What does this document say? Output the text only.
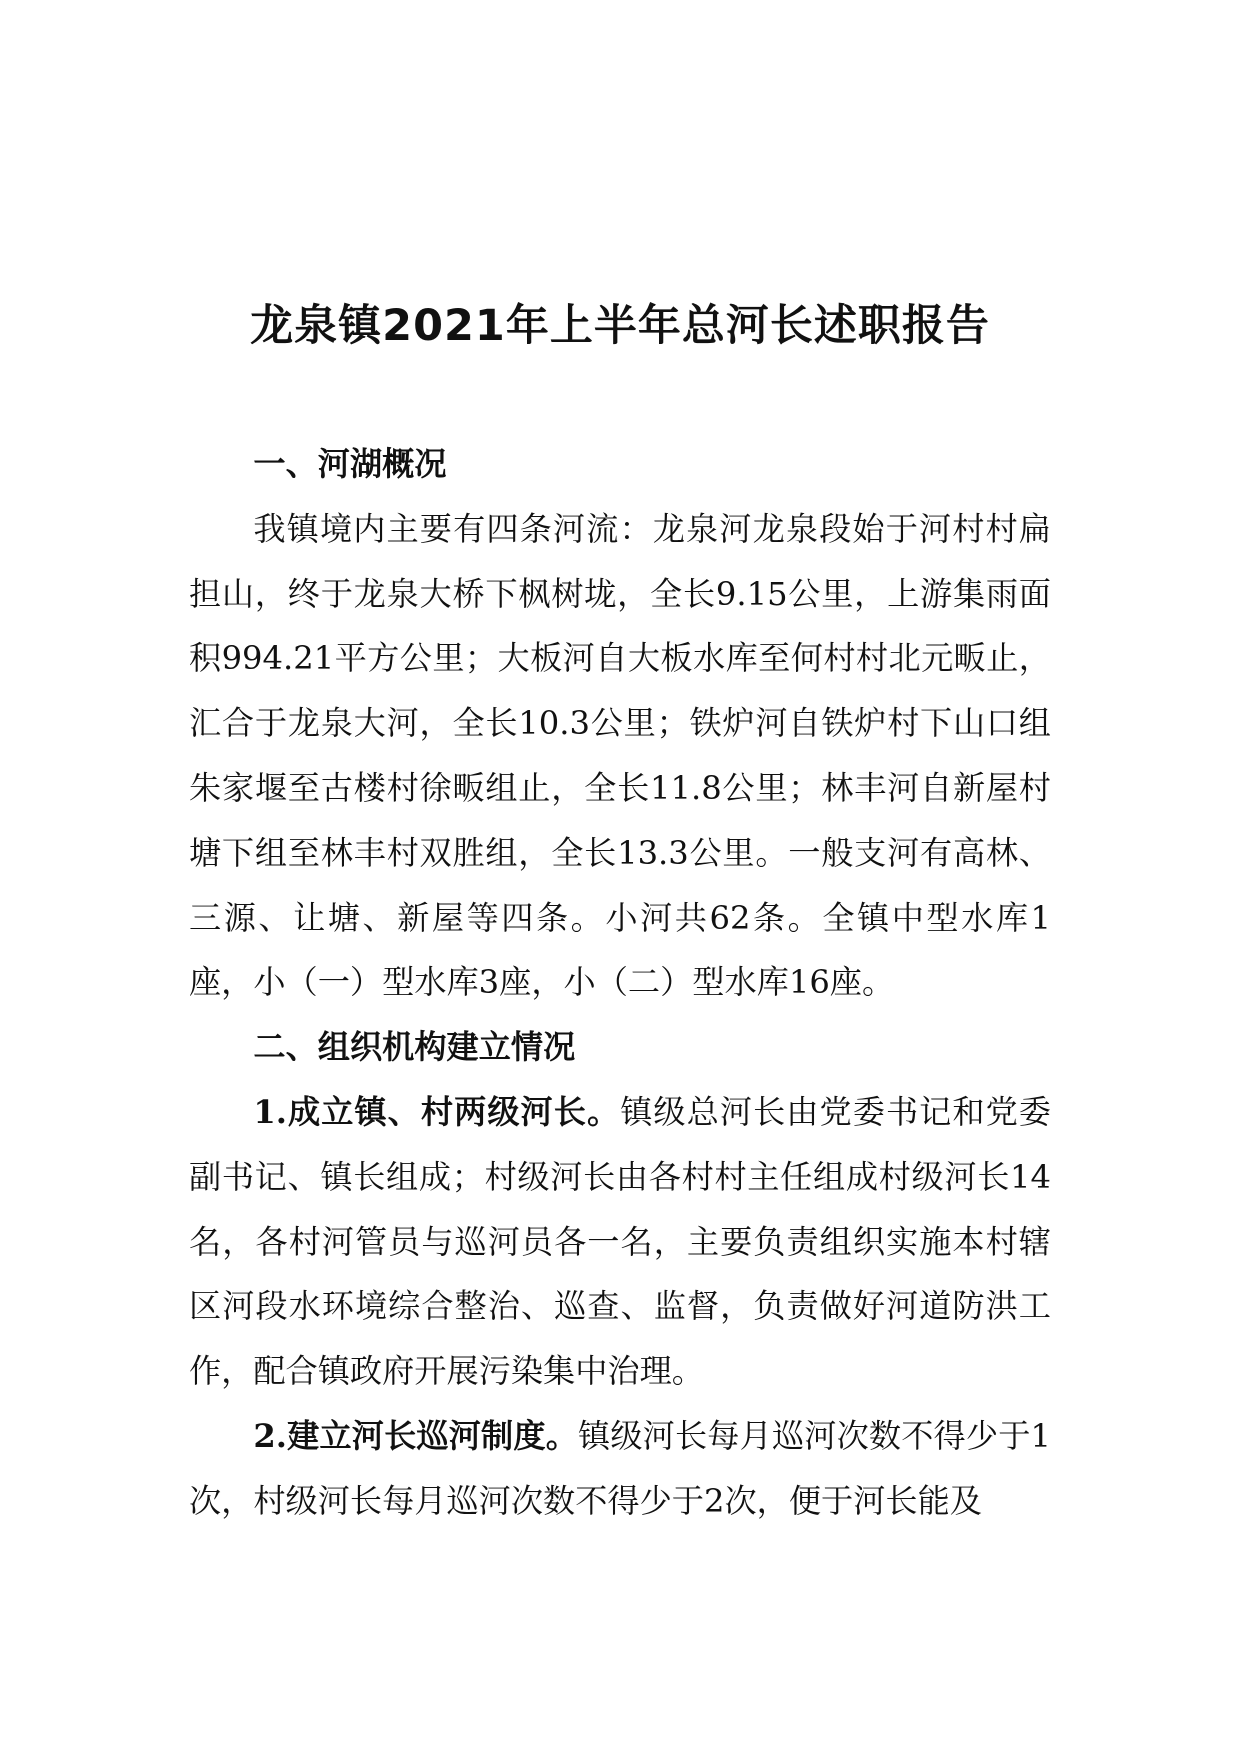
龙泉镇2021年上半年总河长述职报告

一、河湖概况

我镇境内主要有四条河流：龙泉河龙泉段始于河村村扁担山，终于龙泉大桥下枫树垅，全长9.15公里，上游集雨面积994.21平方公里；大板河自大板水库至何村村北元畈止，汇合于龙泉大河，全长10.3公里；铁炉河自铁炉村下山口组朱家堰至古楼村徐畈组止，全长11.8公里；林丰河自新屋村塘下组至林丰村双胜组，全长13.3公里。一般支河有高林、三源、让塘、新屋等四条。小河共62条。全镇中型水库1座，小（一）型水库3座，小（二）型水库16座。

二、组织机构建立情况

1.成立镇、村两级河长。镇级总河长由党委书记和党委副书记、镇长组成；村级河长由各村村主任组成村级河长14名，各村河管员与巡河员各一名，主要负责组织实施本村辖区河段水环境综合整治、巡查、监督，负责做好河道防洪工作，配合镇政府开展污染集中治理。

2.建立河长巡河制度。镇级河长每月巡河次数不得少于1次，村级河长每月巡河次数不得少于2次，便于河长能及
